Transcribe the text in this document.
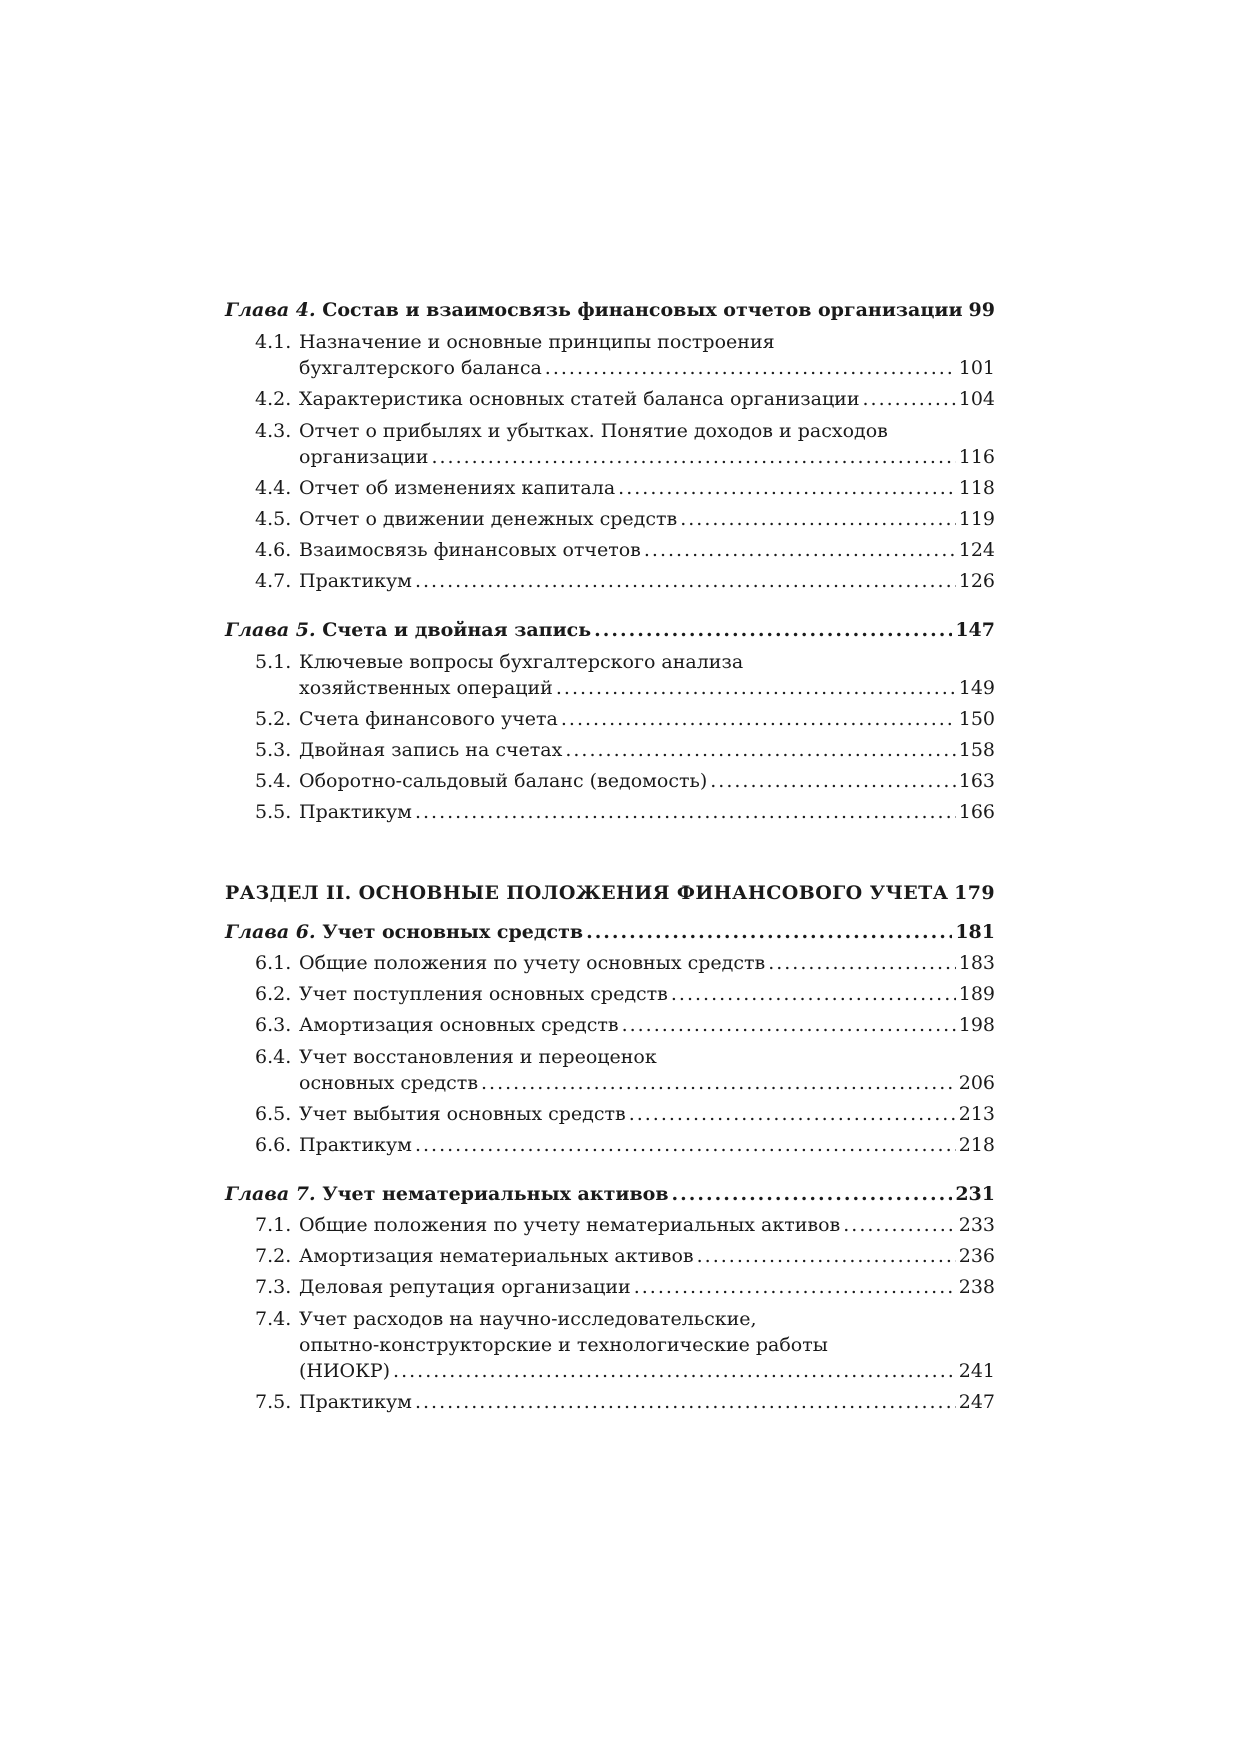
Глава 4. Состав и взаимосвязь финансовых отчетов организации 99
4.1. Назначение и основные принципы построения
бухгалтерского баланса .....	101
4.2. Характеристика основных статей баланса организации .....	104
4.3. Отчет о прибылях и убытках. Понятие доходов и расходов
организации .....	116
4.4. Отчет об изменениях капитала .....	118
4.5. Отчет о движении денежных средств .....	119
4.6. Взаимосвязь финансовых отчетов .....	124
4.7. Практикум .....	126
Глава 5. Счета и двойная запись .....	147
5.1. Ключевые вопросы бухгалтерского анализа
хозяйственных операций .....	149
5.2. Счета финансового учета .....	150
5.3. Двойная запись на счетах .....	158
5.4. Оборотно-сальдовый баланс (ведомость) .....	163
5.5. Практикум .....	166
РАЗДЕЛ II. ОСНОВНЫЕ ПОЛОЖЕНИЯ ФИНАНСОВОГО УЧЕТА 179
Глава 6. Учет основных средств .....	181
6.1. Общие положения по учету основных средств .....	183
6.2. Учет поступления основных средств .....	189
6.3. Амортизация основных средств .....	198
6.4. Учет восстановления и переоценок
основных средств .....	206
6.5. Учет выбытия основных средств .....	213
6.6. Практикум .....	218
Глава 7. Учет нематериальных активов .....	231
7.1. Общие положения по учету нематериальных активов .....	233
7.2. Амортизация нематериальных активов .....	236
7.3. Деловая репутация организации .....	238
7.4. Учет расходов на научно-исследовательские,
опытно-конструкторские и технологические работы
(НИОКР) .....	241
7.5. Практикум .....	247
